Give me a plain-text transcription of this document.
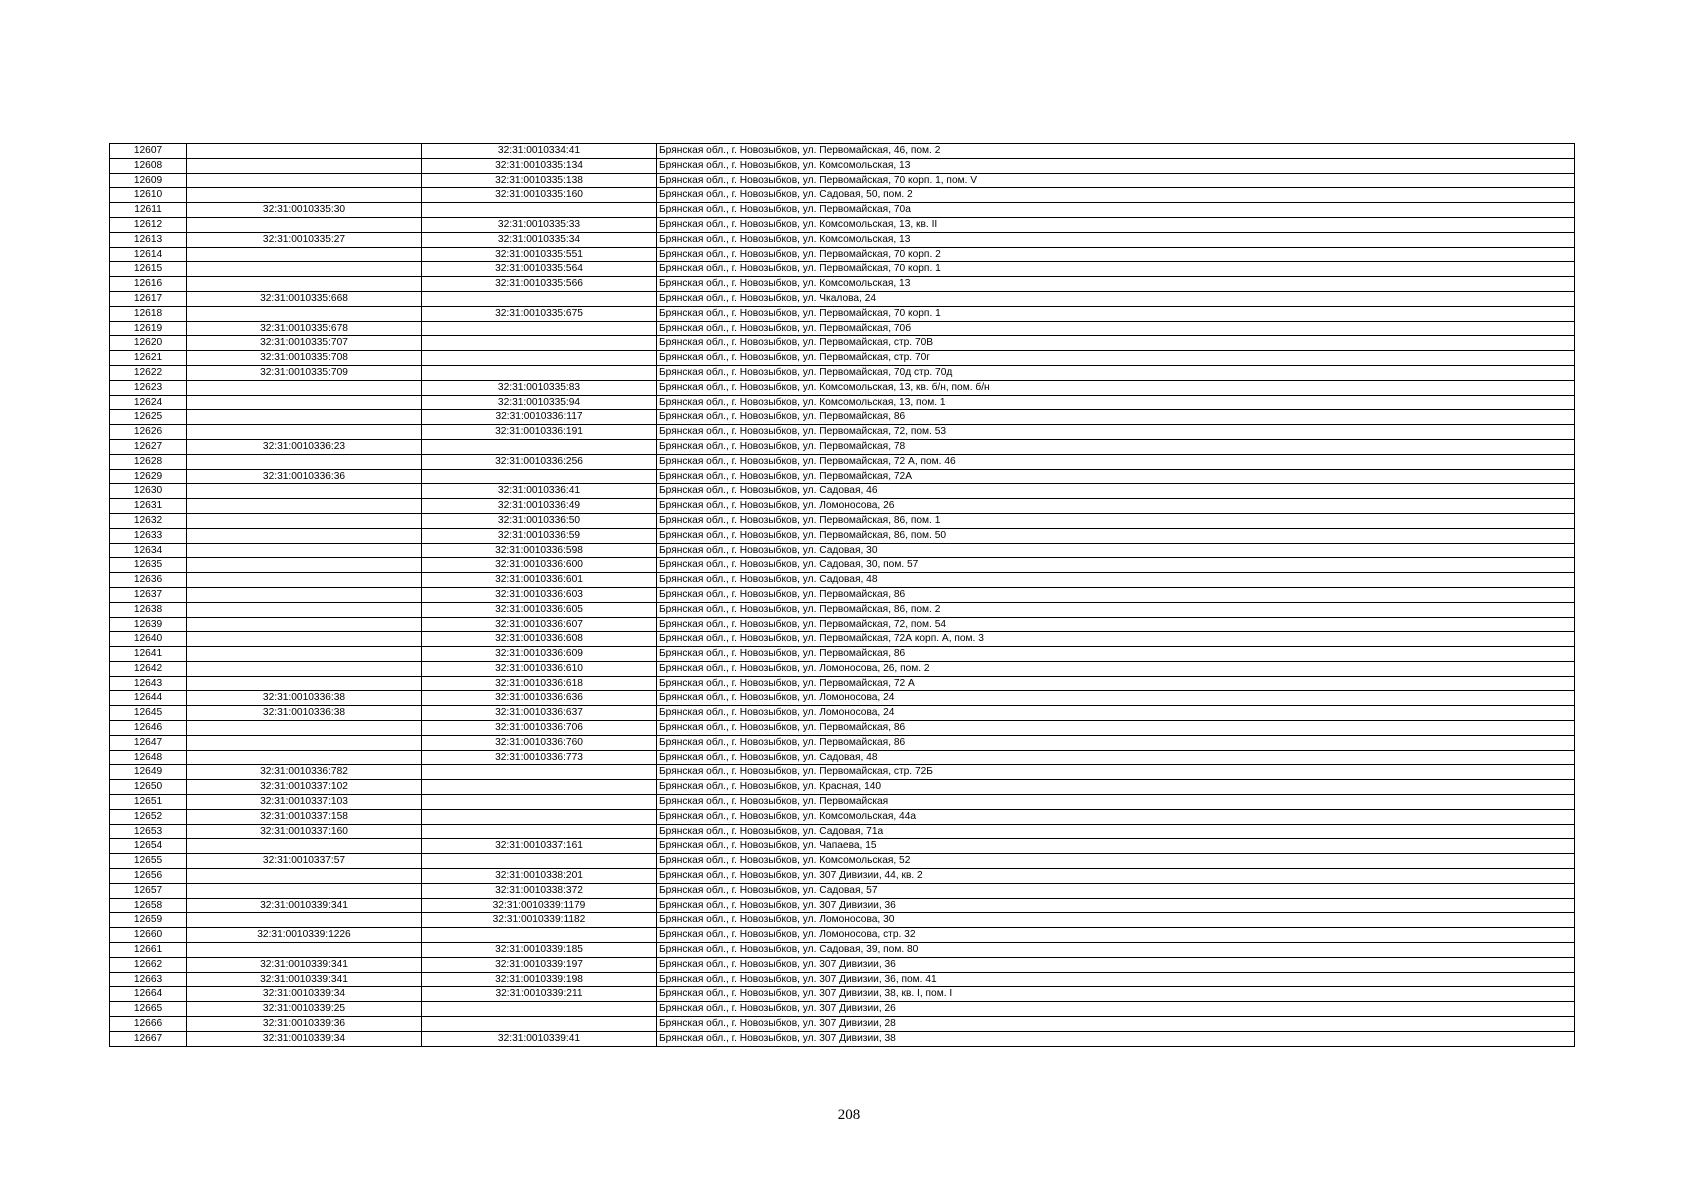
12607		32:31:0010334:41	Брянская обл., г. Новозыбков, ул. Первомайская, 46, пом. 2
12608		32:31:0010335:134	Брянская обл., г. Новозыбков, ул. Комсомольская, 13
12609		32:31:0010335:138	Брянская обл., г. Новозыбков, ул. Первомайская, 70 корп. 1, пом. V
12610		32:31:0010335:160	Брянская обл., г. Новозыбков, ул. Садовая, 50, пом. 2
12611	32:31:0010335:30		Брянская обл., г. Новозыбков, ул. Первомайская, 70а
12612		32:31:0010335:33	Брянская обл., г. Новозыбков, ул. Комсомольская, 13, кв. II
12613	32:31:0010335:27	32:31:0010335:34	Брянская обл., г. Новозыбков, ул. Комсомольская, 13
12614		32:31:0010335:551	Брянская обл., г. Новозыбков, ул. Первомайская, 70 корп. 2
12615		32:31:0010335:564	Брянская обл., г. Новозыбков, ул. Первомайская, 70 корп. 1
12616		32:31:0010335:566	Брянская обл., г. Новозыбков, ул. Комсомольская, 13
12617	32:31:0010335:668		Брянская обл., г. Новозыбков, ул. Чкалова, 24
12618		32:31:0010335:675	Брянская обл., г. Новозыбков, ул. Первомайская, 70 корп. 1
12619	32:31:0010335:678		Брянская обл., г. Новозыбков, ул. Первомайская, 70б
12620	32:31:0010335:707		Брянская обл., г. Новозыбков, ул. Первомайская, стр. 70В
12621	32:31:0010335:708		Брянская обл., г. Новозыбков, ул. Первомайская, стр. 70г
12622	32:31:0010335:709		Брянская обл., г. Новозыбков, ул. Первомайская, 70д стр. 70д
12623		32:31:0010335:83	Брянская обл., г. Новозыбков, ул. Комсомольская, 13, кв. б/н, пом. б/н
12624		32:31:0010335:94	Брянская обл., г. Новозыбков, ул. Комсомольская, 13, пом. 1
12625		32:31:0010336:117	Брянская обл., г. Новозыбков, ул. Первомайская, 86
12626		32:31:0010336:191	Брянская обл., г. Новозыбков, ул. Первомайская, 72, пом. 53
12627	32:31:0010336:23		Брянская обл., г. Новозыбков, ул. Первомайская, 78
12628		32:31:0010336:256	Брянская обл., г. Новозыбков, ул. Первомайская, 72 А, пом. 46
12629	32:31:0010336:36		Брянская обл., г. Новозыбков, ул. Первомайская, 72А
12630		32:31:0010336:41	Брянская обл., г. Новозыбков, ул. Садовая, 46
12631		32:31:0010336:49	Брянская обл., г. Новозыбков, ул. Ломоносова, 26
12632		32:31:0010336:50	Брянская обл., г. Новозыбков, ул. Первомайская, 86, пом. 1
12633		32:31:0010336:59	Брянская обл., г. Новозыбков, ул. Первомайская, 86, пом. 50
12634		32:31:0010336:598	Брянская обл., г. Новозыбков, ул. Садовая, 30
12635		32:31:0010336:600	Брянская обл., г. Новозыбков, ул. Садовая, 30, пом. 57
12636		32:31:0010336:601	Брянская обл., г. Новозыбков, ул. Садовая, 48
12637		32:31:0010336:603	Брянская обл., г. Новозыбков, ул. Первомайская, 86
12638		32:31:0010336:605	Брянская обл., г. Новозыбков, ул. Первомайская, 86, пом. 2
12639		32:31:0010336:607	Брянская обл., г. Новозыбков, ул. Первомайская, 72, пом. 54
12640		32:31:0010336:608	Брянская обл., г. Новозыбков, ул. Первомайская, 72А корп. А, пом. 3
12641		32:31:0010336:609	Брянская обл., г. Новозыбков, ул. Первомайская, 86
12642		32:31:0010336:610	Брянская обл., г. Новозыбков, ул. Ломоносова, 26, пом. 2
12643		32:31:0010336:618	Брянская обл., г. Новозыбков, ул. Первомайская, 72 А
12644	32:31:0010336:38	32:31:0010336:636	Брянская обл., г. Новозыбков, ул. Ломоносова, 24
12645	32:31:0010336:38	32:31:0010336:637	Брянская обл., г. Новозыбков, ул. Ломоносова, 24
12646		32:31:0010336:706	Брянская обл., г. Новозыбков, ул. Первомайская, 86
12647		32:31:0010336:760	Брянская обл., г. Новозыбков, ул. Первомайская, 86
12648		32:31:0010336:773	Брянская обл., г. Новозыбков, ул. Садовая, 48
12649	32:31:0010336:782		Брянская обл., г. Новозыбков, ул. Первомайская, стр. 72Б
12650	32:31:0010337:102		Брянская обл., г. Новозыбков, ул. Красная, 140
12651	32:31:0010337:103		Брянская обл., г. Новозыбков, ул. Первомайская
12652	32:31:0010337:158		Брянская обл., г. Новозыбков, ул. Комсомольская, 44а
12653	32:31:0010337:160		Брянская обл., г. Новозыбков, ул. Садовая, 71а
12654		32:31:0010337:161	Брянская обл., г. Новозыбков, ул. Чапаева, 15
12655	32:31:0010337:57		Брянская обл., г. Новозыбков, ул. Комсомольская, 52
12656		32:31:0010338:201	Брянская обл., г. Новозыбков, ул. 307 Дивизии, 44, кв. 2
12657		32:31:0010338:372	Брянская обл., г. Новозыбков, ул. Садовая, 57
12658	32:31:0010339:341	32:31:0010339:1179	Брянская обл., г. Новозыбков, ул. 307 Дивизии, 36
12659		32:31:0010339:1182	Брянская обл., г. Новозыбков, ул. Ломоносова, 30
12660	32:31:0010339:1226		Брянская обл., г. Новозыбков, ул. Ломоносова, стр. 32
12661		32:31:0010339:185	Брянская обл., г. Новозыбков, ул. Садовая, 39, пом. 80
12662	32:31:0010339:341	32:31:0010339:197	Брянская обл., г. Новозыбков, ул. 307 Дивизии, 36
12663	32:31:0010339:341	32:31:0010339:198	Брянская обл., г. Новозыбков, ул. 307 Дивизии, 36, пом. 41
12664	32:31:0010339:34	32:31:0010339:211	Брянская обл., г. Новозыбков, ул. 307 Дивизии, 38, кв. I, пом. I
12665	32:31:0010339:25		Брянская обл., г. Новозыбков, ул. 307 Дивизии, 26
12666	32:31:0010339:36		Брянская обл., г. Новозыбков, ул. 307 Дивизии, 28
12667	32:31:0010339:34	32:31:0010339:41	Брянская обл., г. Новозыбков, ул. 307 Дивизии, 38
208
